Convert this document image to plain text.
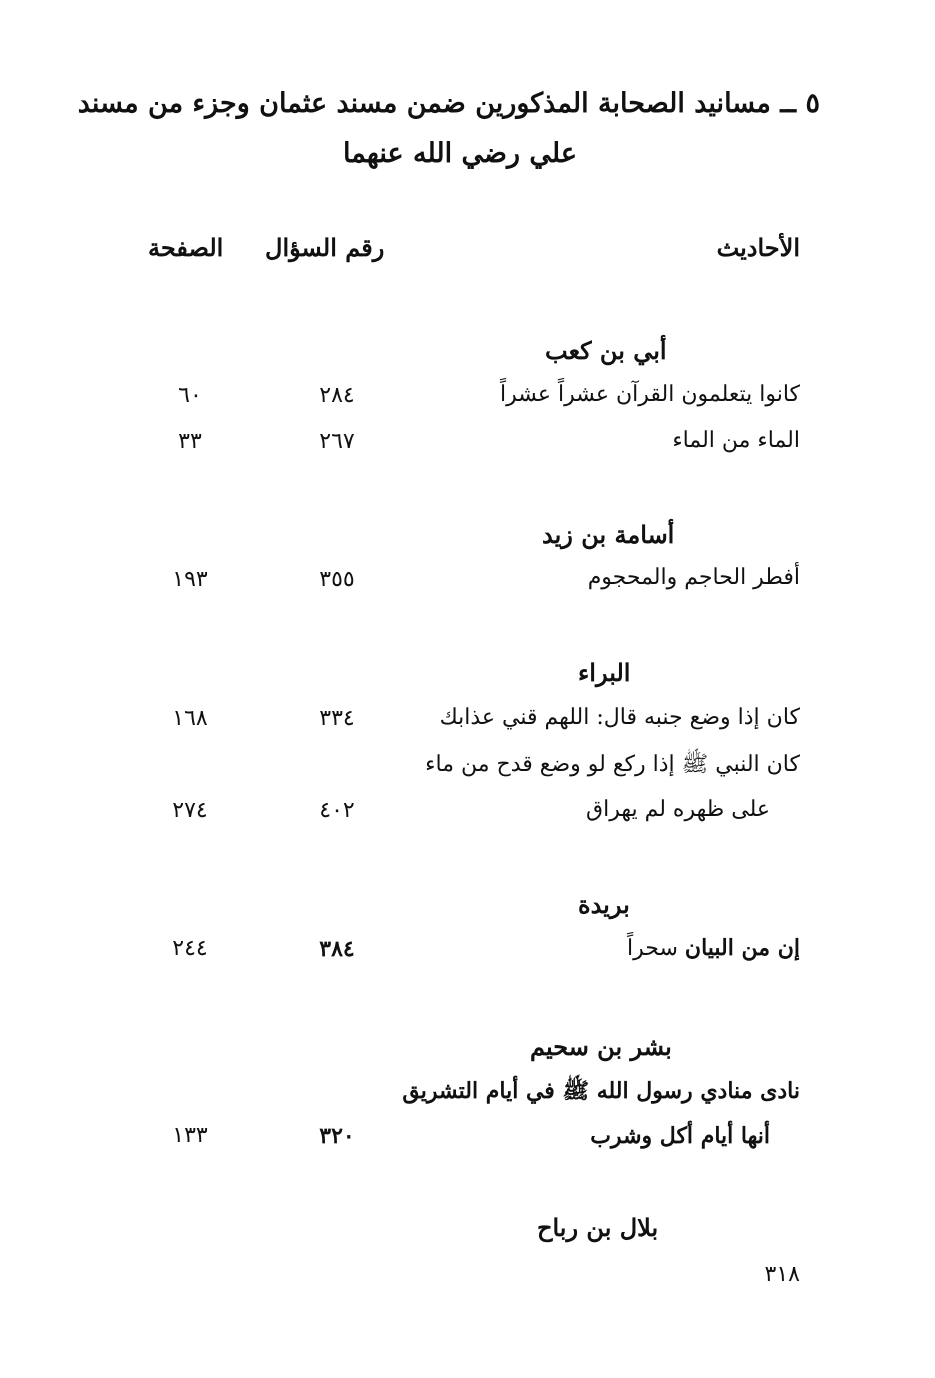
٥ ــ مسانيد الصحابة المذكورين ضمن مسند عثمان وجزء من مسند
علي رضي الله عنهما
الأحاديث
رقم السؤال
الصفحة
أبي بن كعب
كانوا يتعلمون القرآن عشراً عشراً
٢٨٤
٦٠
الماء من الماء
٢٦٧
٣٣
أسامة بن زيد
أفطر الحاجم والمحجوم
٣٥٥
١٩٣
البراء
كان إذا وضع جنبه قال: اللهم قني عذابك
٣٣٤
١٦٨
كان النبي ﷺ إذا ركع لو وضع قدح من ماء
على ظهره لم يهراق
٤٠٢
٢٧٤
بريدة
إن من البيان سحراً
٣٨٤
٢٤٤
بشر بن سحيم
نادى منادي رسول الله ﷺ في أيام التشريق
أنها أيام أكل وشرب
٣٢٠
١٣٣
بلال بن رباح
٣١٨
